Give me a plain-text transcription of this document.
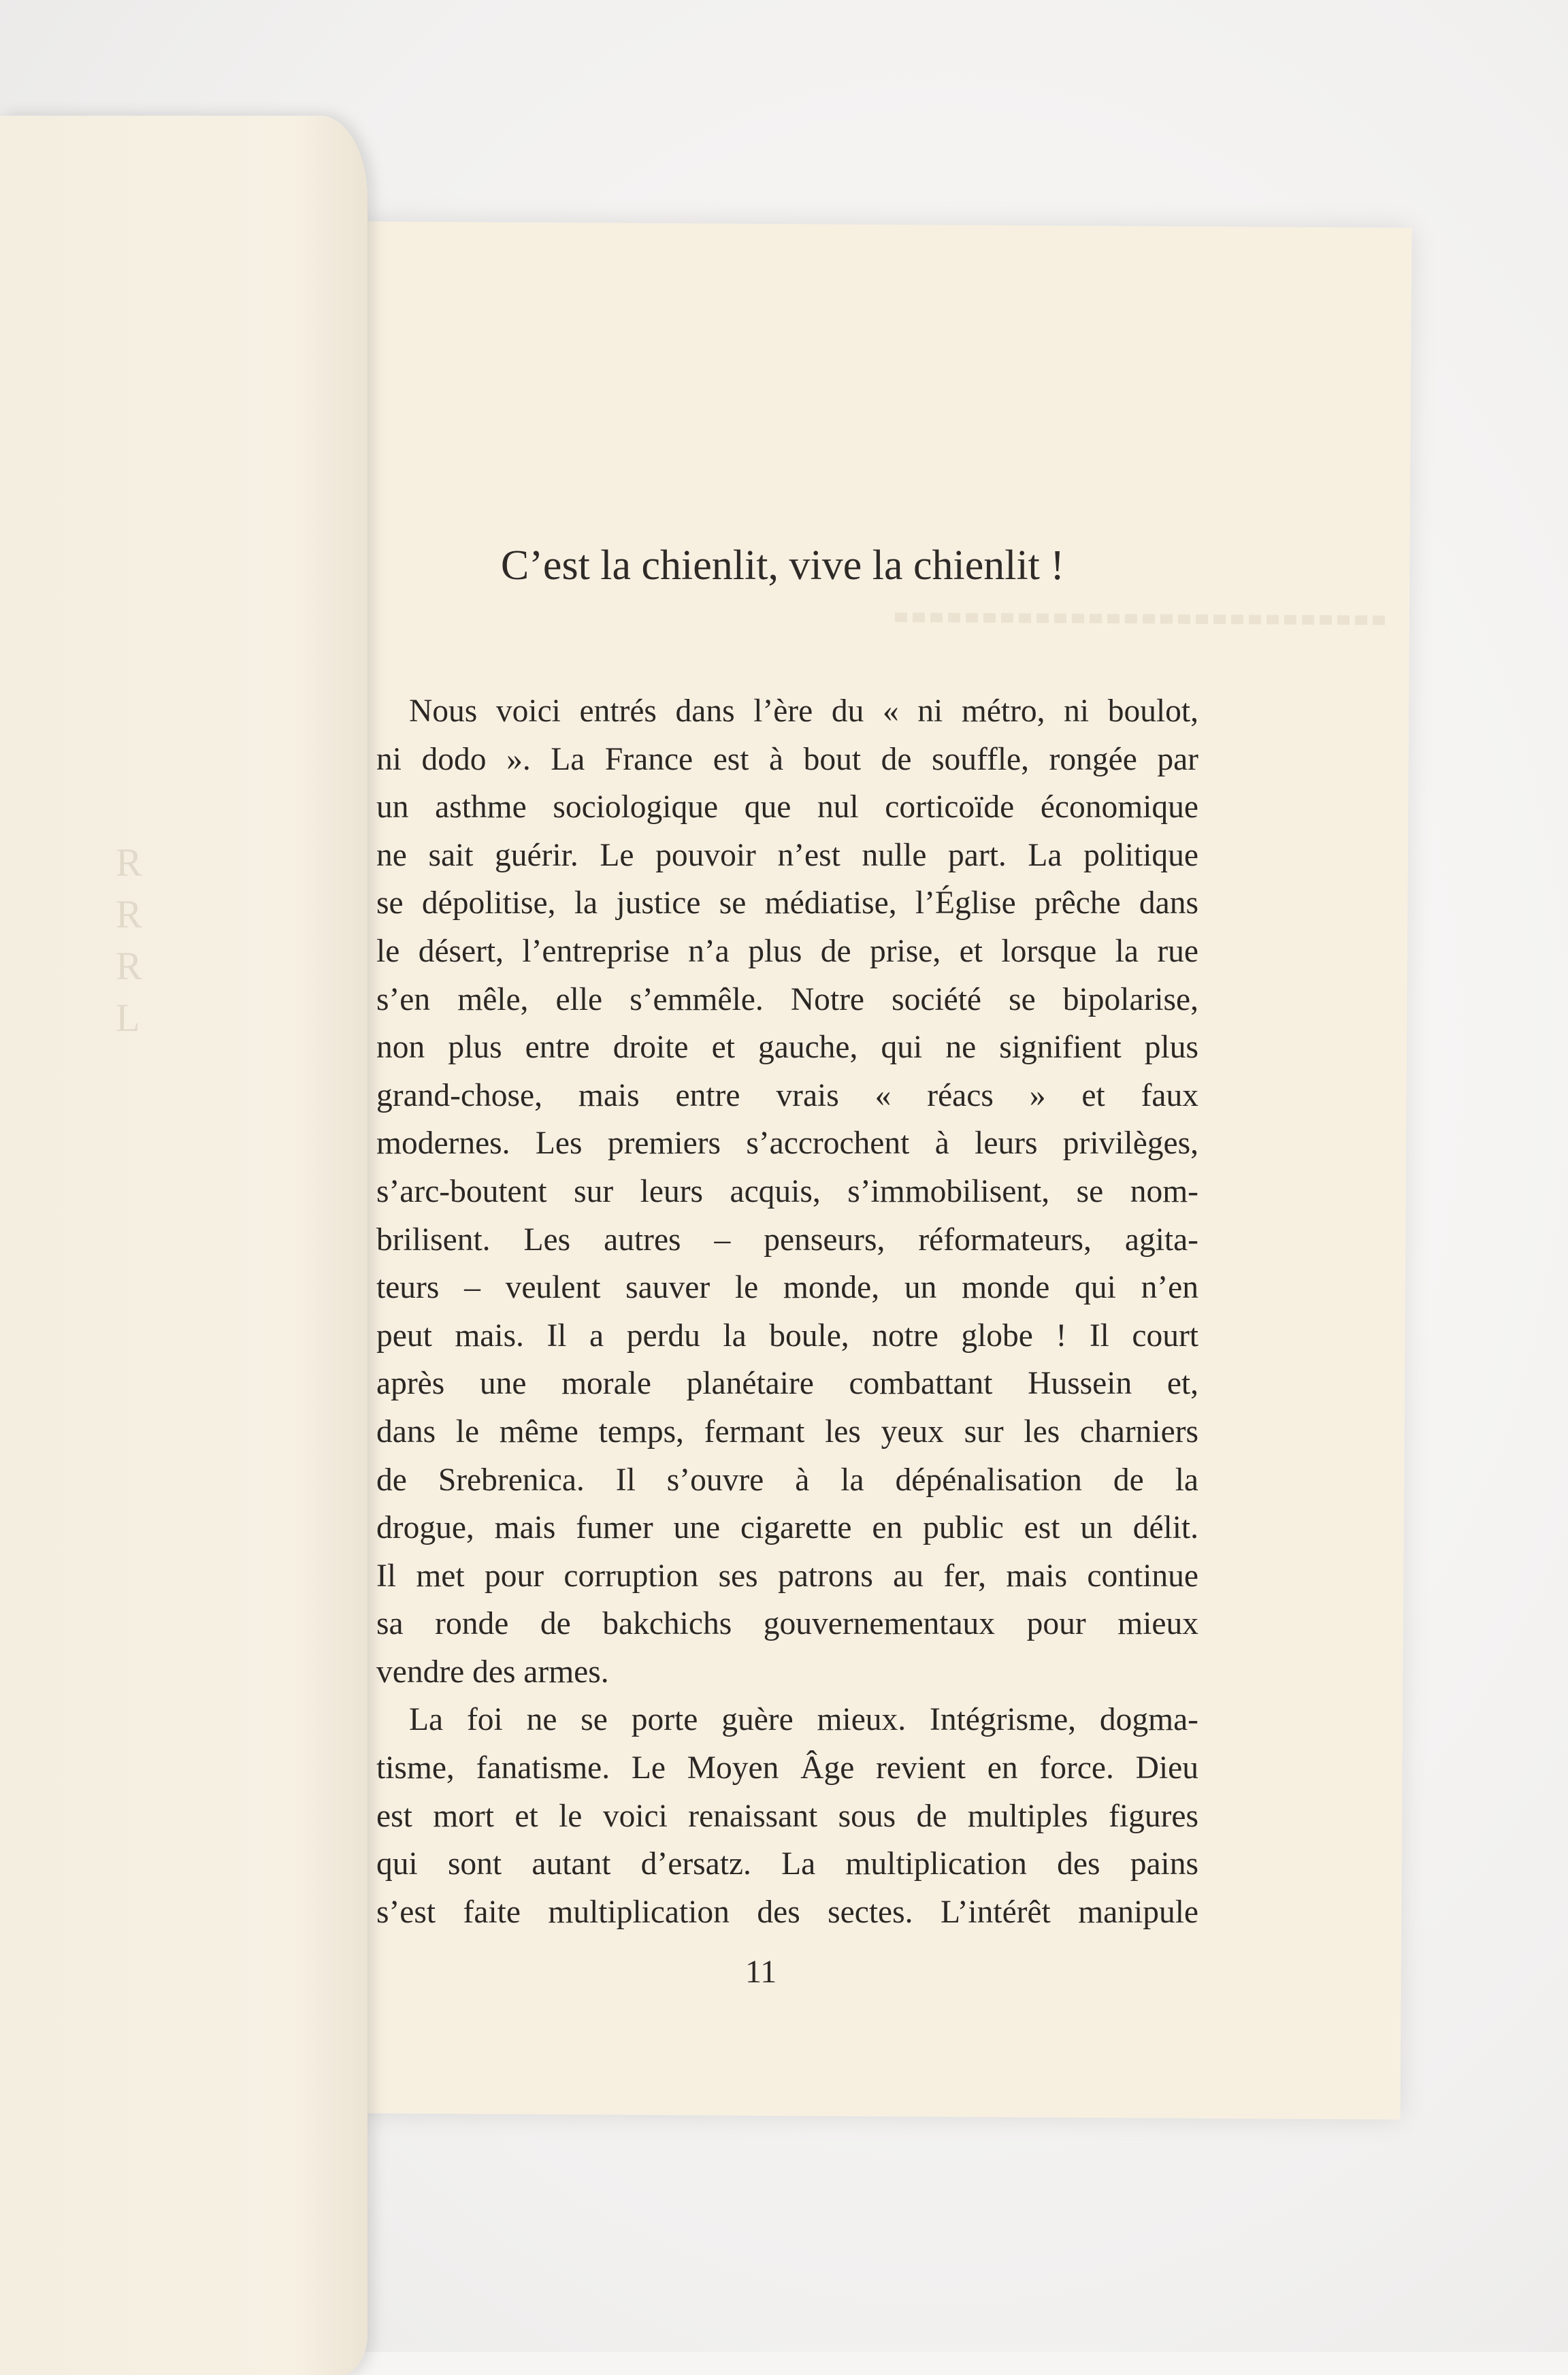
R
R
R
L
C’est la chienlit, vive la chienlit !
Nous voici entrés dans l’ère du « ni métro, ni boulot,
ni dodo ». La France est à bout de souffle, rongée par
un asthme sociologique que nul corticoïde économique
ne sait guérir. Le pouvoir n’est nulle part. La politique
se dépolitise, la justice se médiatise, l’Église prêche dans
le désert, l’entreprise n’a plus de prise, et lorsque la rue
s’en mêle, elle s’emmêle. Notre société se bipolarise,
non plus entre droite et gauche, qui ne signifient plus
grand-chose, mais entre vrais « réacs » et faux
modernes. Les premiers s’accrochent à leurs privilèges,
s’arc-boutent sur leurs acquis, s’immobilisent, se nom-
brilisent. Les autres – penseurs, réformateurs, agita-
teurs – veulent sauver le monde, un monde qui n’en
peut mais. Il a perdu la boule, notre globe ! Il court
après une morale planétaire combattant Hussein et,
dans le même temps, fermant les yeux sur les charniers
de Srebrenica. Il s’ouvre à la dépénalisation de la
drogue, mais fumer une cigarette en public est un délit.
Il met pour corruption ses patrons au fer, mais continue
sa ronde de bakchichs gouvernementaux pour mieux
vendre des armes.
La foi ne se porte guère mieux. Intégrisme, dogma-
tisme, fanatisme. Le Moyen Âge revient en force. Dieu
est mort et le voici renaissant sous de multiples figures
qui sont autant d’ersatz. La multiplication des pains
s’est faite multiplication des sectes. L’intérêt manipule
11
